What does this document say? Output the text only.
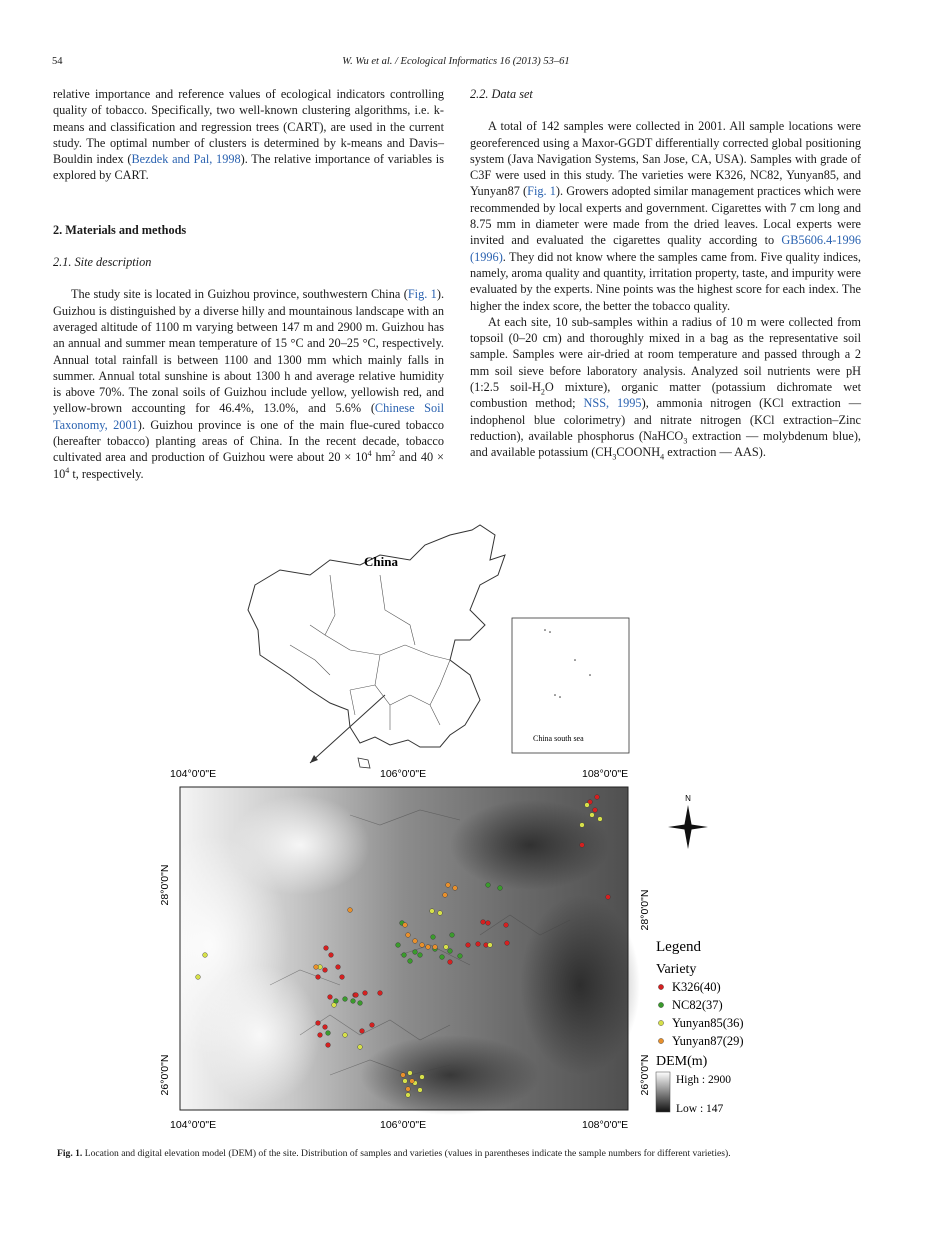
54	W. Wu et al. / Ecological Informatics 16 (2013) 53–61

relative importance and reference values of ecological indicators controlling quality of tobacco. Specifically, two well-known clustering algorithms, i.e. k-means and classification and regression trees (CART), are used in the current study. The optimal number of clusters is determined by k-means and Davis–Bouldin index (Bezdek and Pal, 1998). The relative importance of variables is explored by CART.

2. Materials and methods

2.1. Site description

The study site is located in Guizhou province, southwestern China (Fig. 1). Guizhou is distinguished by a diverse hilly and mountainous landscape with an averaged altitude of 1100 m varying between 147 m and 2900 m. Guizhou has an annual and summer mean temperature of 15 °C and 20–25 °C, respectively. Annual total rainfall is between 1100 and 1300 mm which mainly falls in summer. Annual total sunshine is about 1300 h and average relative humidity is above 70%. The zonal soils of Guizhou include yellow, yellowish red, and yellow-brown accounting for 46.4%, 13.0%, and 5.6% (Chinese Soil Taxonomy, 2001). Guizhou province is one of the main flue-cured tobacco (hereafter tobacco) planting areas of China. In the recent decade, tobacco cultivated area and production of Guizhou were about $20 \times 10^4$ $hm^2$ and $40 \times 10^4$ t, respectively.

2.2. Data set

A total of 142 samples were collected in 2001. All sample locations were georeferenced using a Maxor-GGDT differentially corrected global positioning system (Java Navigation Systems, San Jose, CA, USA). Samples with grade of C3F were used in this study. The varieties were K326, NC82, Yunyan85, and Yunyan87 (Fig. 1). Growers adopted similar management practices which were recommended by local experts and government. Cigarettes with 7 cm long and 8.75 mm in diameter were made from the dried leaves. Local experts were invited and evaluated the cigarettes quality according to GB5606.4-1996 (1996). They did not know where the samples came from. Five quality indices, namely, aroma quality and quantity, irritation property, taste, and impurity were evaluated by the experts. Nine points was the highest score for each index. The higher the index score, the better the tobacco quality.

At each site, 10 sub-samples within a radius of 10 m were collected from topsoil (0–20 cm) and thoroughly mixed in a bag as the representative soil sample. Samples were air-dried at room temperature and passed through a 2 mm soil sieve before laboratory analysis. Analyzed soil nutrients were pH (1:2.5 soil-$H_2O$ mixture), organic matter (potassium dichromate wet combustion method; NSS, 1995), ammonia nitrogen (KCl extraction — indophenol blue colorimetry) and nitrate nitrogen (KCl extraction–Zinc reduction), available phosphorus (NaHCO$_3$ extraction — molybdenum blue), and available potassium ($CH_3COONH_4$ extraction — AAS).

China
China south sea
104°0'0"E	106°0'0"E	108°0'0"E
28°0'0"N
26°0'0"N
28°0'0"N
26°0'0"N
104°0'0"E	106°0'0"E	108°0'0"E
N
Legend
Variety
K326(40)
NC82(37)
Yunyan85(36)
Yunyan87(29)
DEM(m)
High : 2900
Low : 147
Fig. 1. Location and digital elevation model (DEM) of the site. Distribution of samples and varieties (values in parentheses indicate the sample numbers for different varieties).
